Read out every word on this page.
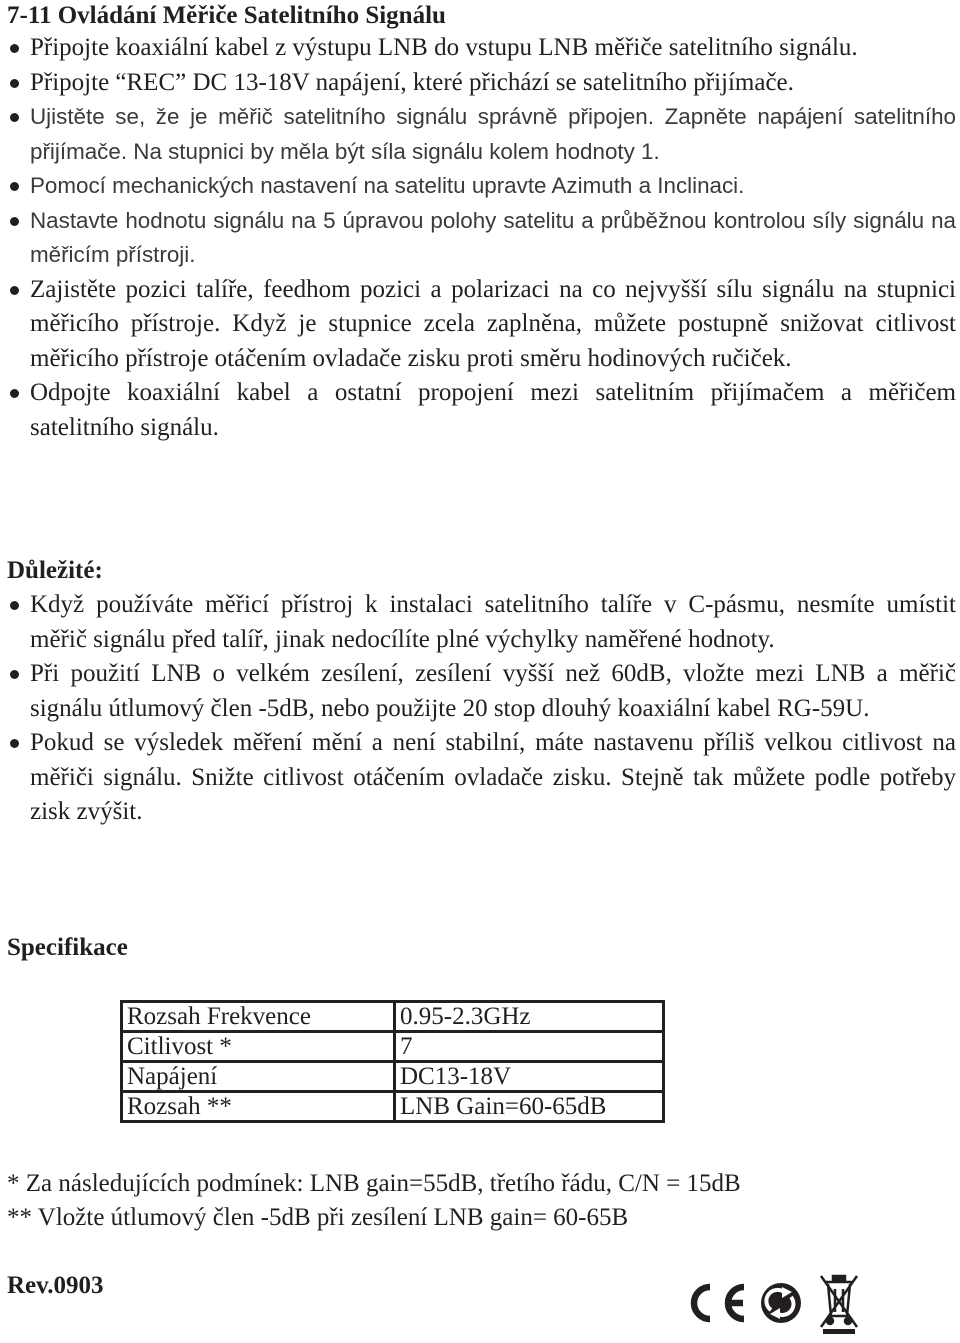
7-11 Ovládání Měřiče Satelitního Signálu
Připojte koaxiální kabel z výstupu LNB do vstupu LNB měřiče satelitního signálu.
Připojte “REC” DC 13-18V napájení, které přichází se satelitního přijímače.
Ujistěte se, že je měřič satelitního signálu správně připojen. Zapněte napájení satelitního přijímače. Na stupnici by měla být síla signálu kolem hodnoty 1.
Pomocí mechanických nastavení na satelitu upravte Azimuth a Inclinaci.
Nastavte hodnotu signálu na 5 úpravou polohy satelitu a průběžnou kontrolou síly signálu na měřicím přístroji.
Zajistěte pozici talíře, feedhom pozici a polarizaci na co nejvyšší sílu signálu na stupnici měřicího přístroje. Když je stupnice zcela zaplněna, můžete postupně snižovat citlivost měřicího přístroje otáčením ovladače zisku proti směru hodinových ručiček.
Odpojte koaxiální kabel a ostatní propojení mezi satelitním přijímačem a měřičem satelitního signálu.
Důležité:
Když používáte měřicí přístroj k instalaci satelitního talíře v C-pásmu, nesmíte umístit měřič signálu před talíř, jinak nedocílíte plné výchylky naměřené hodnoty.
Při použití LNB o velkém zesílení, zesílení vyšší než 60dB, vložte mezi LNB a měřič signálu útlumový člen -5dB, nebo použijte 20 stop dlouhý koaxiální kabel RG-59U.
Pokud se výsledek měření mění a není stabilní, máte nastavenu příliš velkou citlivost na měřiči signálu. Snižte citlivost otáčením ovladače zisku. Stejně tak můžete podle potřeby zisk zvýšit.
Specifikace
Rozsah Frekvence	0.95-2.3GHz
Citlivost *	7
Napájení	DC13-18V
Rozsah **	LNB Gain=60-65dB
* Za následujících podmínek: LNB gain=55dB, třetího řádu, C/N = 15dB
** Vložte útlumový člen -5dB při zesílení LNB gain= 60-65B
Rev.0903
